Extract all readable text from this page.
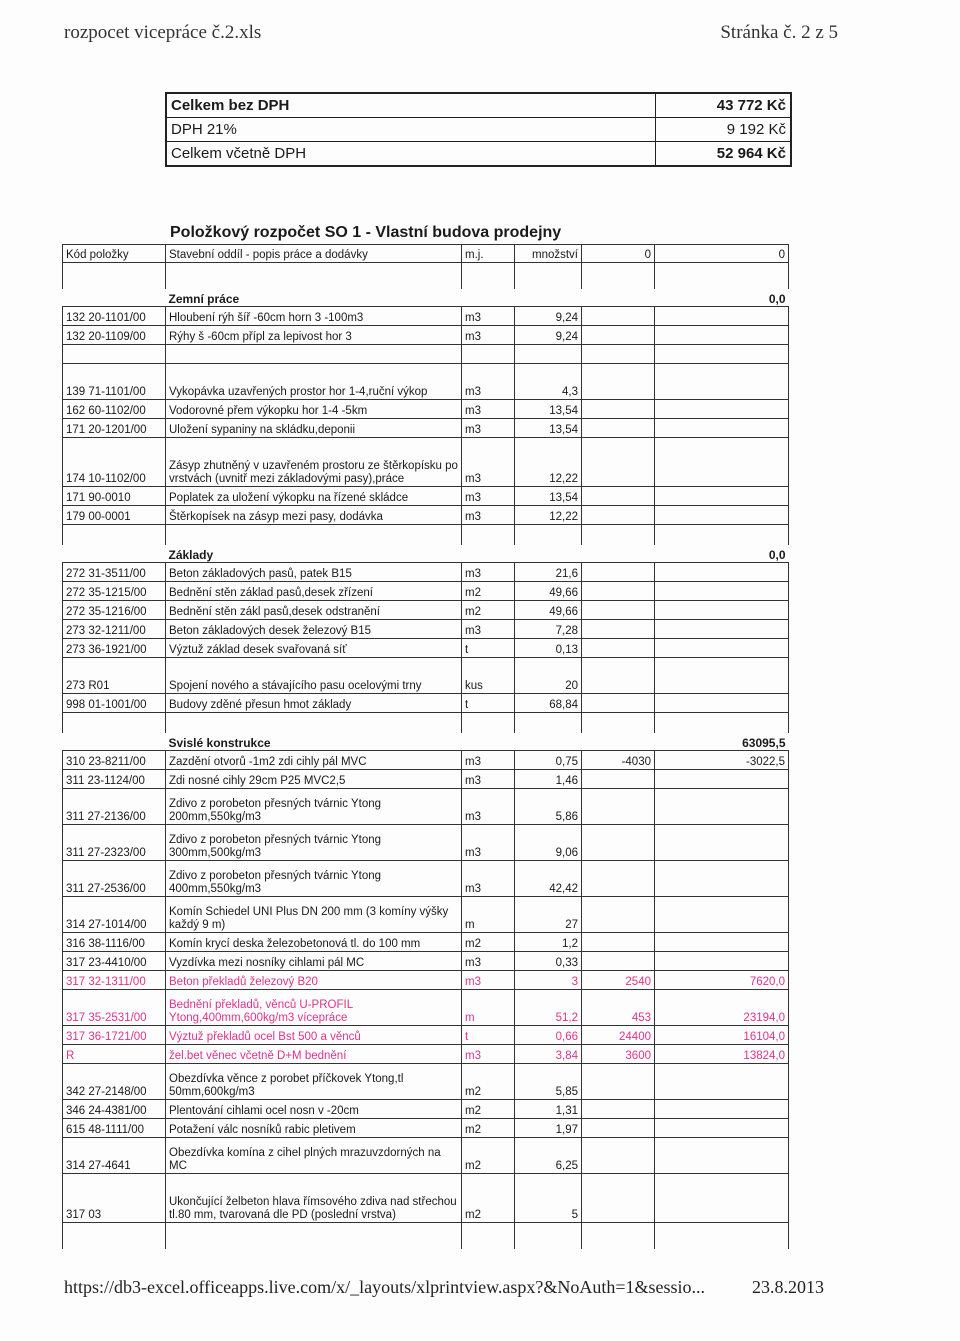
rozpocet vicepráce č.2.xls	Stránka č. 2 z 5
Celkem bez DPH	43 772 Kč
DPH 21%	9 192 Kč
Celkem včetně DPH	52 964 Kč
Položkový rozpočet SO 1 - Vlastní budova prodejny
Kód položky	Stavební oddíl - popis práce a dodávky	m.j.	množství	0	0

	Zemní práce				0,0
132 20-1101/00	Hloubení rýh šíř -60cm horn 3 -100m3	m3	9,24		
132 20-1109/00	Rýhy š -60cm přípl za lepivost hor 3	m3	9,24		

139 71-1101/00	Vykopávka uzavřených prostor hor 1-4,ruční výkop	m3	4,3		
162 60-1102/00	Vodorovné přem výkopku hor 1-4 -5km	m3	13,54		
171 20-1201/00	Uložení sypaniny na skládku,deponii	m3	13,54		
174 10-1102/00	Zásyp zhutněný v uzavřeném prostoru ze štěrkopísku po vrstvách (uvnitř mezi základovými pasy),práce	m3	12,22		
171 90-0010	Poplatek za uložení výkopku na řízené skládce	m3	13,54		
179 00-0001	Štěrkopísek na zásyp mezi pasy, dodávka	m3	12,22		

	Základy				0,0
272 31-3511/00	Beton základových pasů, patek B15	m3	21,6		
272 35-1215/00	Bednění stěn základ pasů,desek zřízení	m2	49,66		
272 35-1216/00	Bednění stěn zákl pasů,desek odstranění	m2	49,66		
273 32-1211/00	Beton základových desek železový B15	m3	7,28		
273 36-1921/00	Výztuž základ desek svařovaná síť	t	0,13		
273 R01	Spojení nového a stávajícího pasu ocelovými trny	kus	20		
998 01-1001/00	Budovy zděné přesun hmot základy	t	68,84		

	Svislé konstrukce				63095,5
310 23-8211/00	Zazdění otvorů -1m2 zdi cihly pál MVC	m3	0,75	-4030	-3022,5
311 23-1124/00	Zdi nosné cihly 29cm P25 MVC2,5	m3	1,46		
311 27-2136/00	Zdivo z porobeton přesných tvárnic Ytong 200mm,550kg/m3	m3	5,86		
311 27-2323/00	Zdivo z porobeton přesných tvárnic Ytong 300mm,500kg/m3	m3	9,06		
311 27-2536/00	Zdivo z porobeton přesných tvárnic Ytong 400mm,550kg/m3	m3	42,42		
314 27-1014/00	Komín Schiedel UNI Plus DN 200 mm (3 komíny výšky každý 9 m)	m	27		
316 38-1116/00	Komín krycí deska železobetonová tl. do 100 mm	m2	1,2		
317 23-4410/00	Vyzdívka mezi nosníky cihlami pál MC	m3	0,33		
317 32-1311/00	Beton překladů železový B20	m3	3	2540	7620,0
317 35-2531/00	Bednění překladů, věnců U-PROFIL Ytong,400mm,600kg/m3 vícepráce	m	51,2	453	23194,0
317 36-1721/00	Výztuž překladů ocel Bst 500 a věnců	t	0,66	24400	16104,0
R	žel.bet věnec včetně D+M bednění	m3	3,84	3600	13824,0
342 27-2148/00	Obezdívka věnce z porobet příčkovek Ytong,tl 50mm,600kg/m3	m2	5,85		
346 24-4381/00	Plentování cihlami ocel nosn v -20cm	m2	1,31		
615 48-1111/00	Potažení válc nosníků rabic pletivem	m2	1,97		
314 27-4641	Obezdívka komína z cihel plných mrazuvzdorných na MC	m2	6,25		
317 03	Ukončující želbeton hlava římsového zdiva nad střechou tl.80 mm, tvarovaná dle PD (poslední vrstva)	m2	5		

https://db3-excel.officeapps.live.com/x/_layouts/xlprintview.aspx?&NoAuth=1&sessio...	23.8.2013
